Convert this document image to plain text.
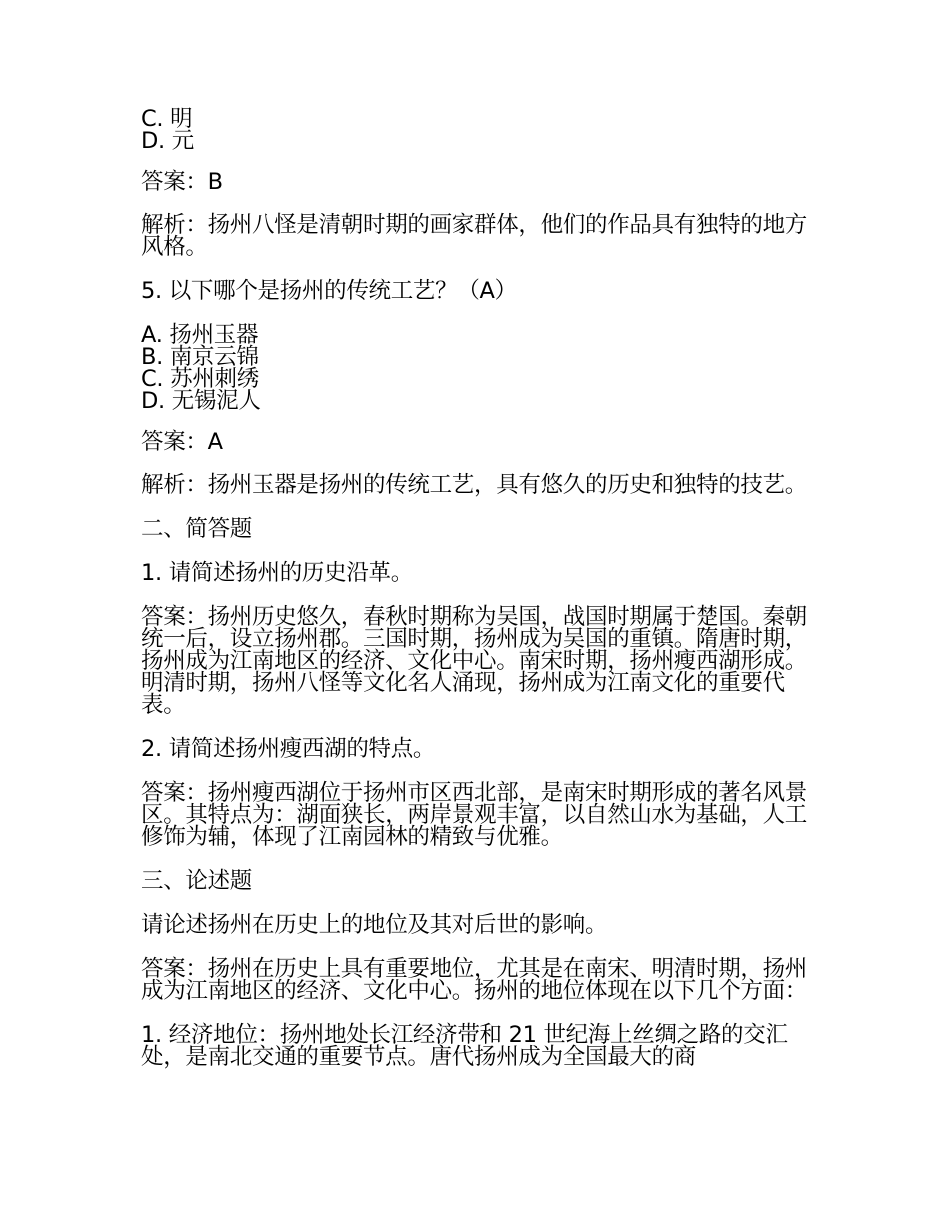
C. 明

D. 元

答案：B

解析：扬州八怪是清朝时期的画家群体，他们的作品具有独特的地方风格。

5. 以下哪个是扬州的传统工艺？（A）

A. 扬州玉器

B. 南京云锦

C. 苏州刺绣

D. 无锡泥人

答案：A

解析：扬州玉器是扬州的传统工艺，具有悠久的历史和独特的技艺。

二、简答题

1. 请简述扬州的历史沿革。

答案：扬州历史悠久，春秋时期称为吴国，战国时期属于楚国。秦朝统一后，设立扬州郡。三国时期，扬州成为吴国的重镇。隋唐时期，扬州成为江南地区的经济、文化中心。南宋时期，扬州瘦西湖形成。明清时期，扬州八怪等文化名人涌现，扬州成为江南文化的重要代表。

2. 请简述扬州瘦西湖的特点。

答案：扬州瘦西湖位于扬州市区西北部，是南宋时期形成的著名风景区。其特点为：湖面狭长，两岸景观丰富，以自然山水为基础，人工修饰为辅，体现了江南园林的精致与优雅。

三、论述题

请论述扬州在历史上的地位及其对后世的影响。

答案：扬州在历史上具有重要地位，尤其是在南宋、明清时期，扬州成为江南地区的经济、文化中心。扬州的地位体现在以下几个方面：

1. 经济地位：扬州地处长江经济带和 21 世纪海上丝绸之路的交汇处，是南北交通的重要节点。唐代扬州成为全国最大的商
